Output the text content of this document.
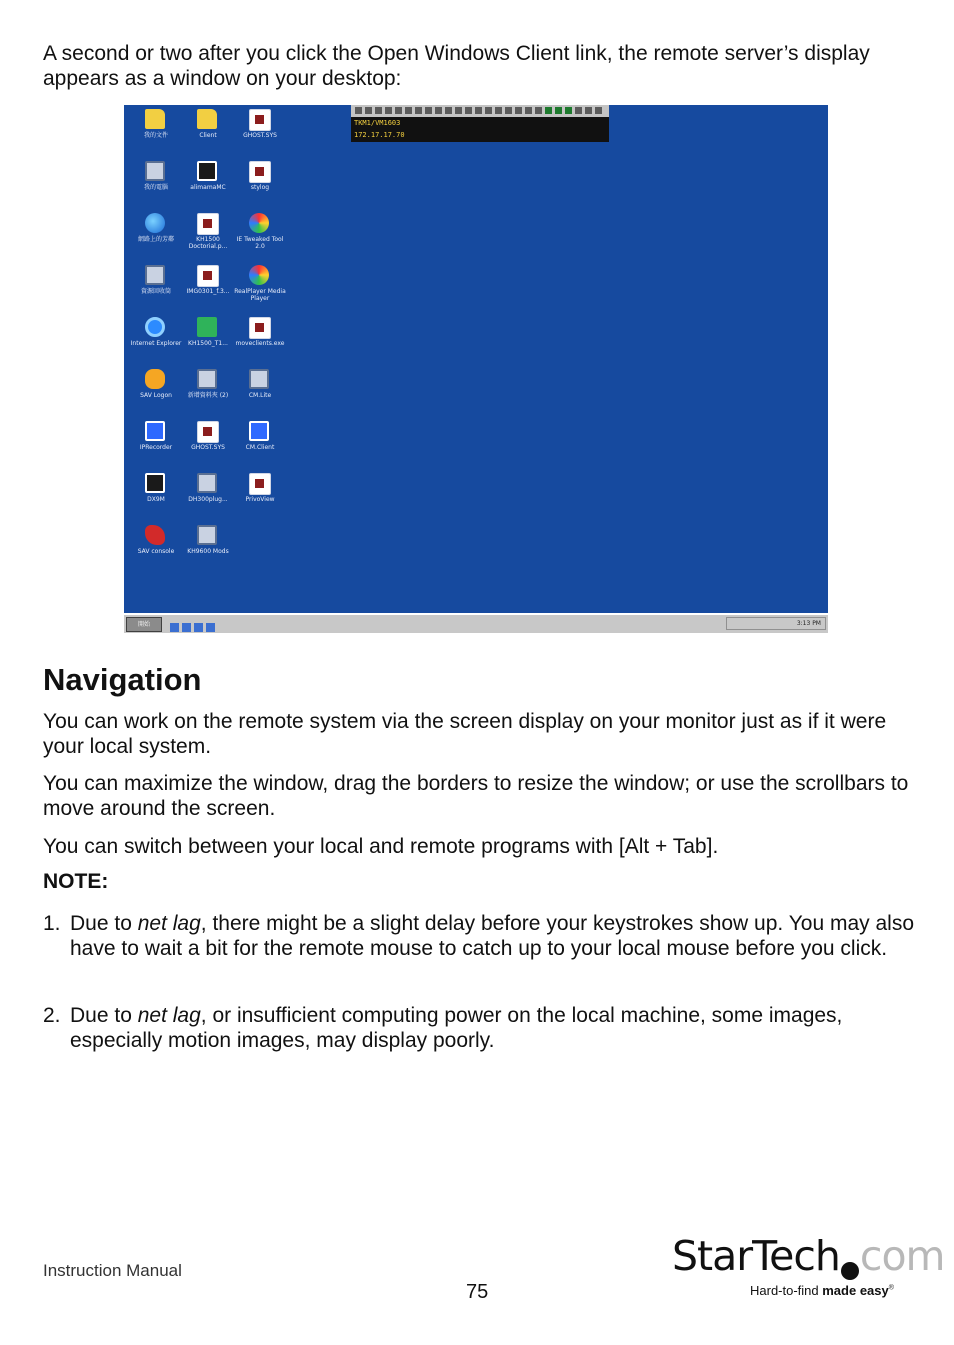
A second or two after you click the Open Windows Client link, the remote server’s display appears as a window on your desktop:

我的文件	Client	GHOST.SYS
我的電腦	alimamaMC	stylog
網路上的芳鄰	KH1500 Doctorial.p...
IE Tweaked Tool 2.0
資源回收筒	IMG0301_f.3... RealPlayer Media Player
Internet Explorer	KH1500_T1...	moveclients.exe
SAV Logon	新增資料夾 (2)	CM.Lite
IPRecorder	GHOST.SYS	CM.Client
DX9M	DH300plug...	PrivoView
SAV console	KH9600 Mods
TKM1/VM1603
172.17.17.70
開始	3:13 PM
Navigation

You can work on the remote system via the screen display on your monitor just as if it were your local system.

You can maximize the window, drag the borders to resize the window; or use the scrollbars to move around the screen.

You can switch between your local and remote programs with [Alt + Tab].

NOTE:

1. Due to net lag, there might be a slight delay before your keystrokes show up. You may also have to wait a bit for the remote mouse to catch up to your local mouse before you click.
2. Due to net lag, or insufficient computing power on the local machine, some images, especially motion images, may display poorly.
Instruction Manual
75
StarTech com
Hard-to-find made easy®
